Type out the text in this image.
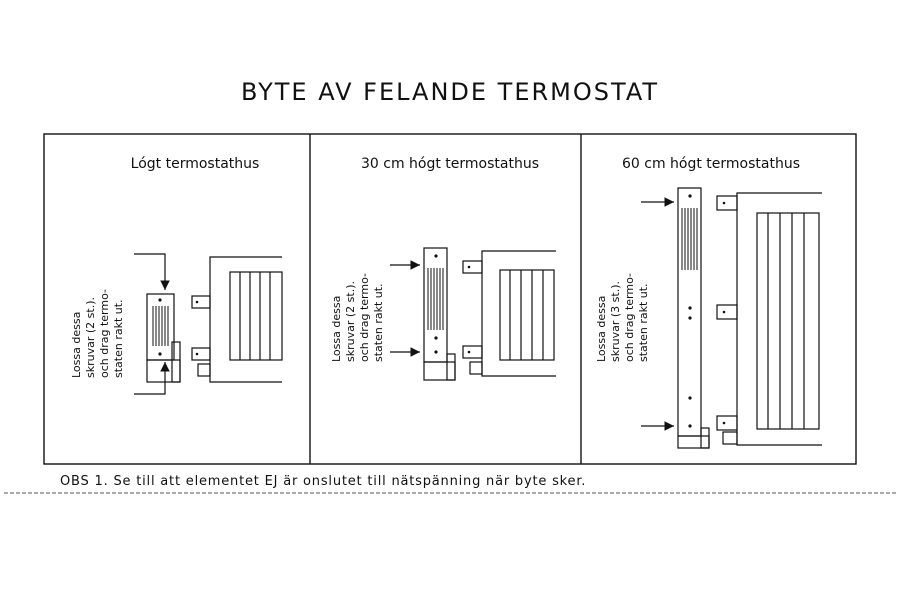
BYTE AV FELANDE TERMOSTAT
Lógt termostathus	30 cm hógt termostathus	60 cm hógt termostathus
Lossa dessa skruvar (2 st.). och drag termo- staten rakt ut.	Lossa dessa skruvar (2 st.). och drag termo- staten rakt ut.	Lossa dessa skruvar (3 st.). och drag termo- staten rakt ut.
OBS 1. Se till att elementet EJ är onslutet till nätspänning när byte sker.
